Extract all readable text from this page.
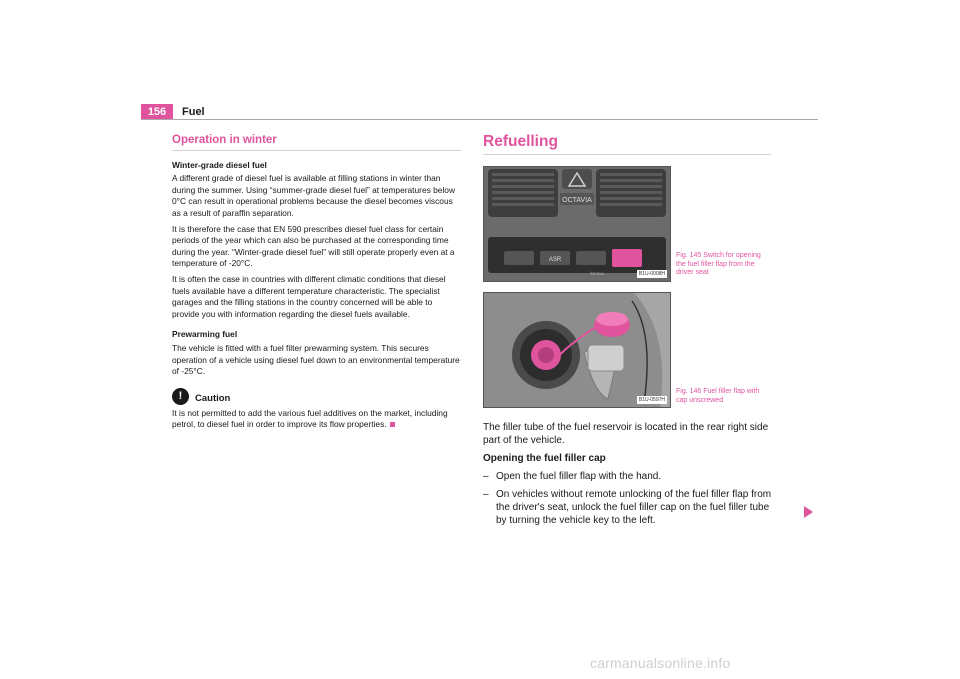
156	Fuel
Operation in winter

Winter-grade diesel fuel

A different grade of diesel fuel is available at filling stations in winter than during the summer. Using “summer-grade diesel fuel” at temperatures below 0°C can result in operational problems because the diesel becomes viscous as a result of paraffin separation.

It is therefore the case that EN 590 prescribes diesel fuel class for certain periods of the year which can also be purchased at the corresponding time during the year. “Winter-grade diesel fuel” will still operate properly even at a temperature of -20°C.

It is often the case in countries with different climatic conditions that diesel fuels available have a different temperature characteristic. The specialist garages and the filling stations in the country concerned will be able to provide you with information regarding the diesel fuels available.

Prewarming fuel

The vehicle is fitted with a fuel filter prewarming system. This secures operation of a vehicle using diesel fuel down to an environmental temperature of -25°C.

!	Caution

It is not permitted to add the various fuel additives on the market, including petrol, to diesel fuel in order to improve its flow properties.

Refuelling
OCTAVIA
ASR
ŠKODA	B1U-0008H
B1U-0597H
Fig. 145 Switch for opening the fuel filler flap from the driver seat
Fig. 146 Fuel filler flap with cap unscrewed

The filler tube of the fuel reservoir is located in the rear right side part of the vehicle.

Opening the fuel filler cap

– Open the fuel filler flap with the hand.
– On vehicles without remote unlocking of the fuel filler flap from the driver's seat, unlock the fuel filler cap on the fuel filler tube by turning the vehicle key to the left.
carmanualsonline.info
